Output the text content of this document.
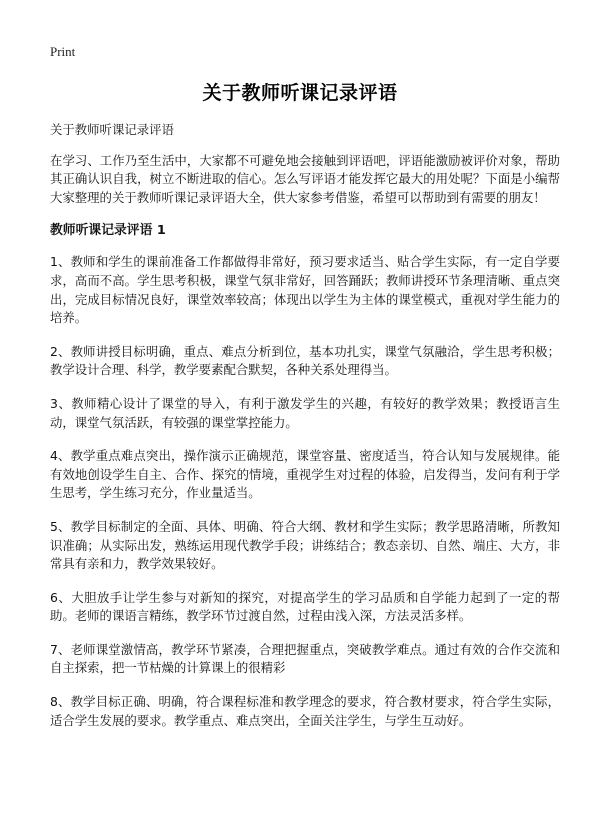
Print
关于教师听课记录评语

关于教师听课记录评语

在学习、工作乃至生活中，大家都不可避免地会接触到评语吧，评语能激励被评价对象，帮助其正确认识自我，树立不断进取的信心。怎么写评语才能发挥它最大的用处呢？下面是小编帮大家整理的关于教师听课记录评语大全，供大家参考借鉴，希望可以帮助到有需要的朋友！

教师听课记录评语 1

1、教师和学生的课前准备工作都做得非常好，预习要求适当、贴合学生实际，有一定自学要求，高而不高。学生思考积极，课堂气氛非常好，回答踊跃；教师讲授环节条理清晰、重点突出，完成目标情况良好，课堂效率较高；体现出以学生为主体的课堂模式，重视对学生能力的培养。

2、教师讲授目标明确，重点、难点分析到位，基本功扎实，课堂气氛融洽，学生思考积极；教学设计合理、科学，教学要素配合默契，各种关系处理得当。

3、教师精心设计了课堂的导入，有利于激发学生的兴趣，有较好的教学效果；教授语言生动，课堂气氛活跃，有较强的课堂掌控能力。

4、教学重点难点突出，操作演示正确规范，课堂容量、密度适当，符合认知与发展规律。能有效地创设学生自主、合作、探究的情境，重视学生对过程的体验，启发得当，发问有利于学生思考，学生练习充分，作业量适当。

5、教学目标制定的全面、具体、明确、符合大纲、教材和学生实际；教学思路清晰，所教知识准确；从实际出发，熟练运用现代教学手段；讲练结合；教态亲切、自然、端庄、大方，非常具有亲和力，教学效果较好。

6、大胆放手让学生参与对新知的探究，对提高学生的学习品质和自学能力起到了一定的帮助。老师的课语言精练，教学环节过渡自然，过程由浅入深，方法灵活多样。

7、老师课堂激情高，教学环节紧凑，合理把握重点，突破教学难点。通过有效的合作交流和自主探索，把一节枯燥的计算课上的很精彩

8、教学目标正确、明确，符合课程标准和教学理念的要求，符合教材要求，符合学生实际，适合学生发展的要求。教学重点、难点突出，全面关注学生，与学生互动好。
